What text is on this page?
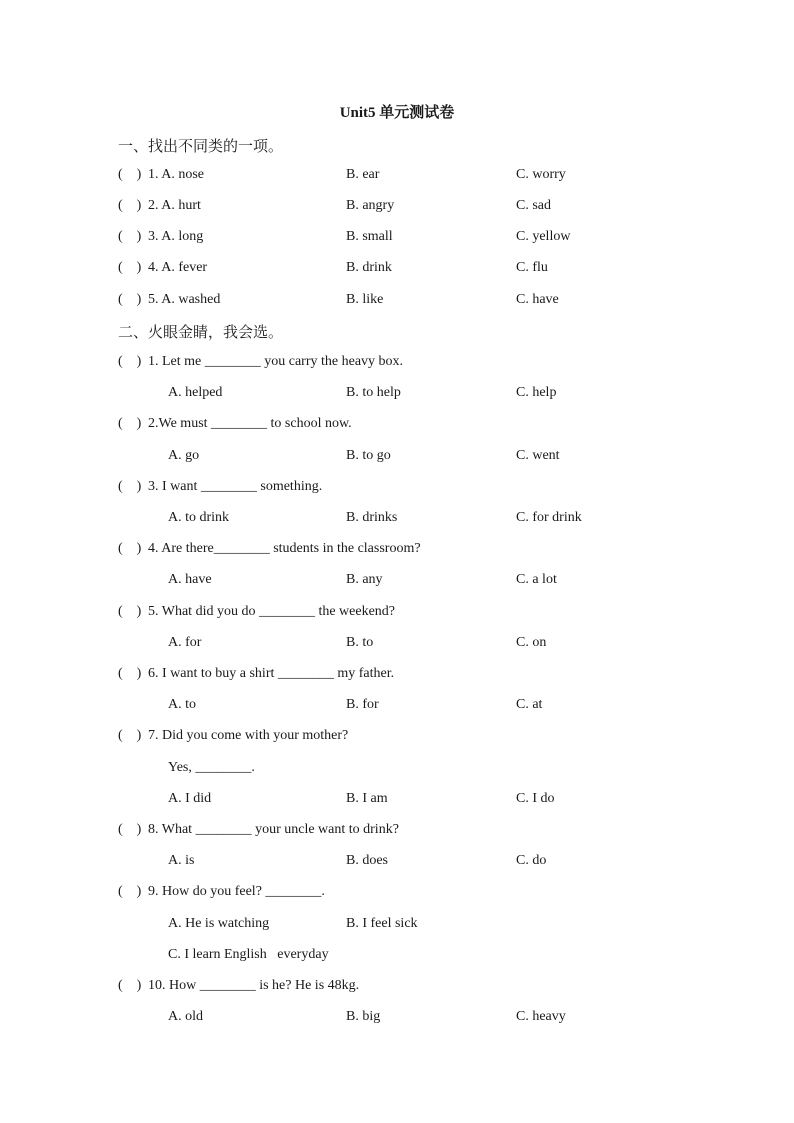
Unit5 单元测试卷
一、找出不同类的一项。
(    ) 1. A. nose	B. ear	C. worry
(    ) 2. A. hurt	B. angry	C. sad
(    ) 3. A. long	B. small	C. yellow
(    ) 4. A. fever	B. drink	C. flu
(    ) 5. A. washed	B. like	C. have
二、火眼金睛，我会选。
(    ) 1. Let me ________ you carry the heavy box.
A. helped	B. to help	C. help
(    ) 2.We must ________ to school now.
A. go	B. to go	C. went
(    ) 3. I want ________ something.
A. to drink	B. drinks	C. for drink
(    ) 4. Are there________ students in the classroom?
A. have	B. any	C. a lot
(    ) 5. What did you do ________ the weekend?
A. for	B. to	C. on
(    ) 6. I want to buy a shirt ________ my father.
A. to	B. for	C. at
(    ) 7. Did you come with your mother?
Yes, ________.
A. I did	B. I am	C. I do
(    ) 8. What ________ your uncle want to drink?
A. is	B. does	C. do
(    ) 9. How do you feel? ________.
A. He is watching	B. I feel sick
C. I learn English   everyday
(    ) 10. How ________ is he? He is 48kg.
A. old	B. big	C. heavy
